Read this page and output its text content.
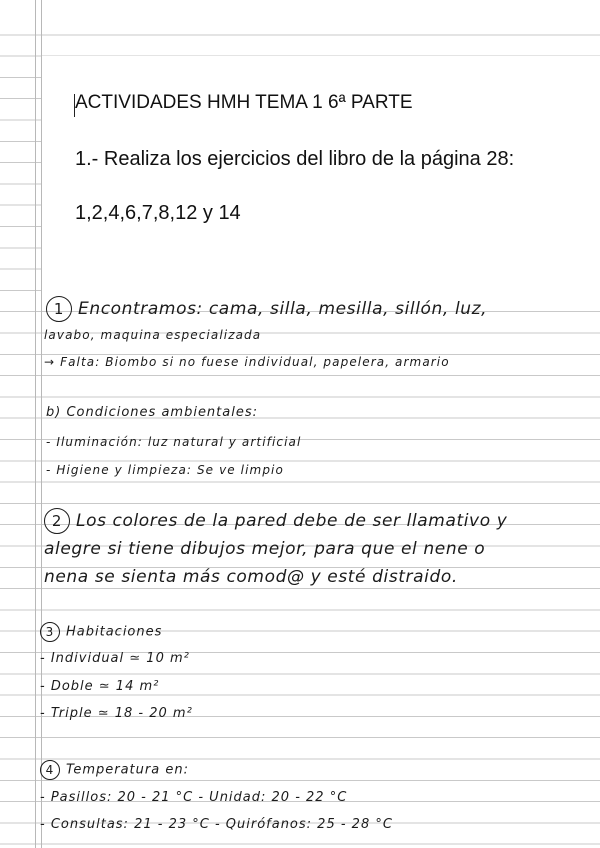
ACTIVIDADES HMH TEMA 1 6ª PARTE

1.- Realiza los ejercicios del libro de la página 28:

1,2,4,6,7,8,12 y 14

1 Encontramos: cama, silla, mesilla, sillón, luz,

lavabo, maquina especializada

→ Falta: Biombo si no fuese individual, papelera, armario

b) Condiciones ambientales:

- Iluminación: luz natural y artificial

- Higiene y limpieza: Se ve limpio

2 Los colores de la pared debe de ser llamativo y

alegre si tiene dibujos mejor, para que el nene o

nena se sienta más comod@ y esté distraido.

3 Habitaciones

- Individual ≃ 10 m²

- Doble ≃ 14 m²

- Triple ≃ 18 - 20 m²

4 Temperatura en:

- Pasillos: 20 - 21 °C - Unidad: 20 - 22 °C

- Consultas: 21 - 23 °C - Quirófanos: 25 - 28 °C
